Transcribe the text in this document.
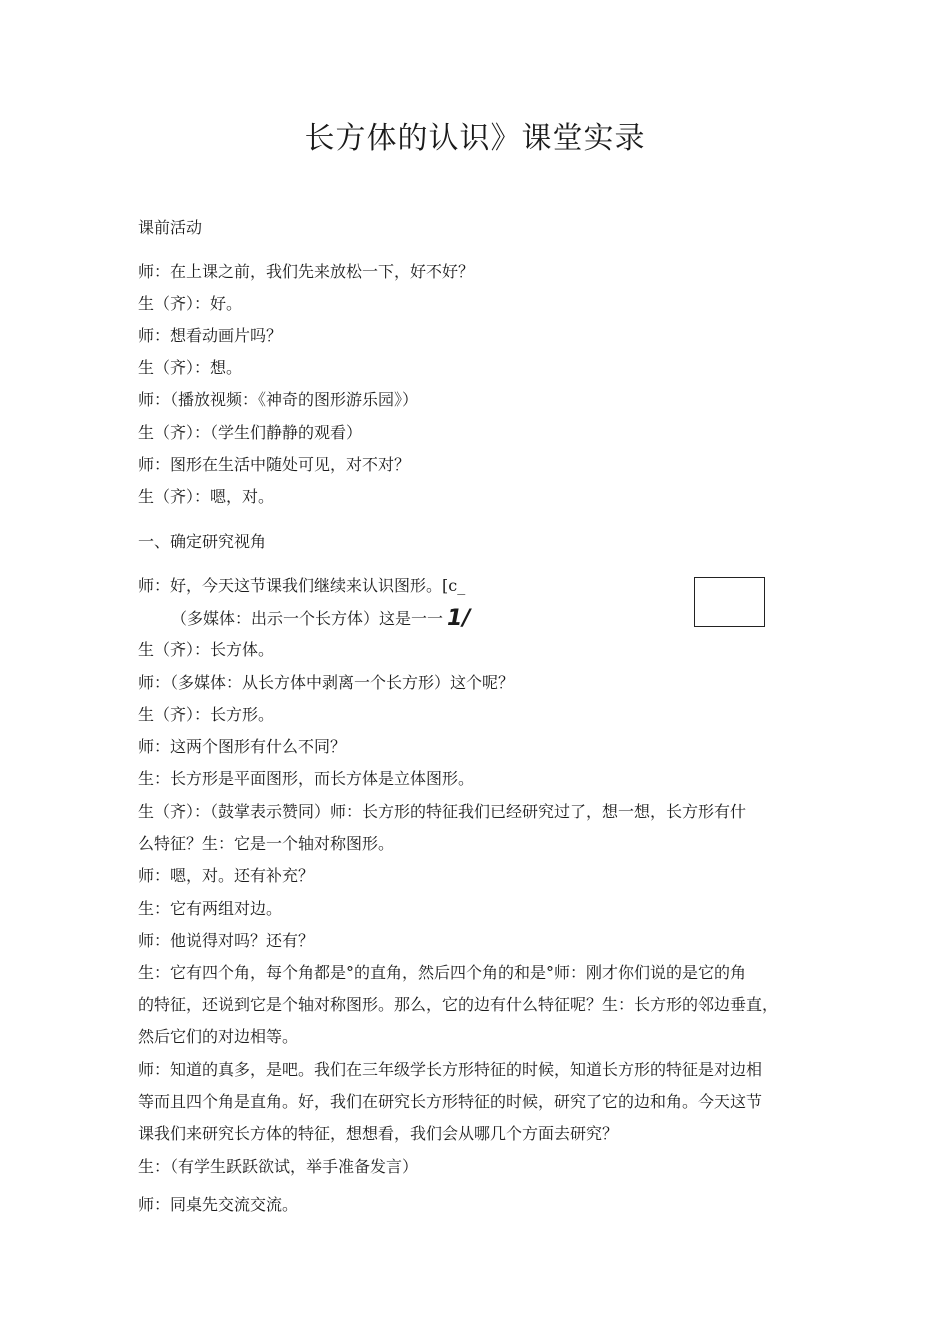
长方体的认识》课堂实录
课前活动
师：在上课之前，我们先来放松一下，好不好？
生（齐）：好。
师：想看动画片吗？
生（齐）：想。
师：（播放视频：《神奇的图形游乐园》）
生（齐）：（学生们静静的观看）
师：图形在生活中随处可见，对不对？
生（齐）：嗯，对。
一、确定研究视角
师：好，今天这节课我们继续来认识图形。[c_
（多媒体：出示一个长方体）这是一一 1/
生（齐）：长方体。
师：（多媒体：从长方体中剥离一个长方形）这个呢？
生（齐）：长方形。
师：这两个图形有什么不同？
生：长方形是平面图形，而长方体是立体图形。
生（齐）：（鼓掌表示赞同）师：长方形的特征我们已经研究过了，想一想，长方形有什
么特征？生：它是一个轴对称图形。
师：嗯，对。还有补充？
生：它有两组对边。
师：他说得对吗？还有？
生：它有四个角，每个角都是°的直角，然后四个角的和是°师：刚才你们说的是它的角
的特征，还说到它是个轴对称图形。那么，它的边有什么特征呢？生：长方形的邻边垂直，
然后它们的对边相等。
师：知道的真多，是吧。我们在三年级学长方形特征的时候，知道长方形的特征是对边相
等而且四个角是直角。好，我们在研究长方形特征的时候，研究了它的边和角。今天这节
课我们来研究长方体的特征，想想看，我们会从哪几个方面去研究？
生：（有学生跃跃欲试，举手准备发言）
师：同桌先交流交流。
